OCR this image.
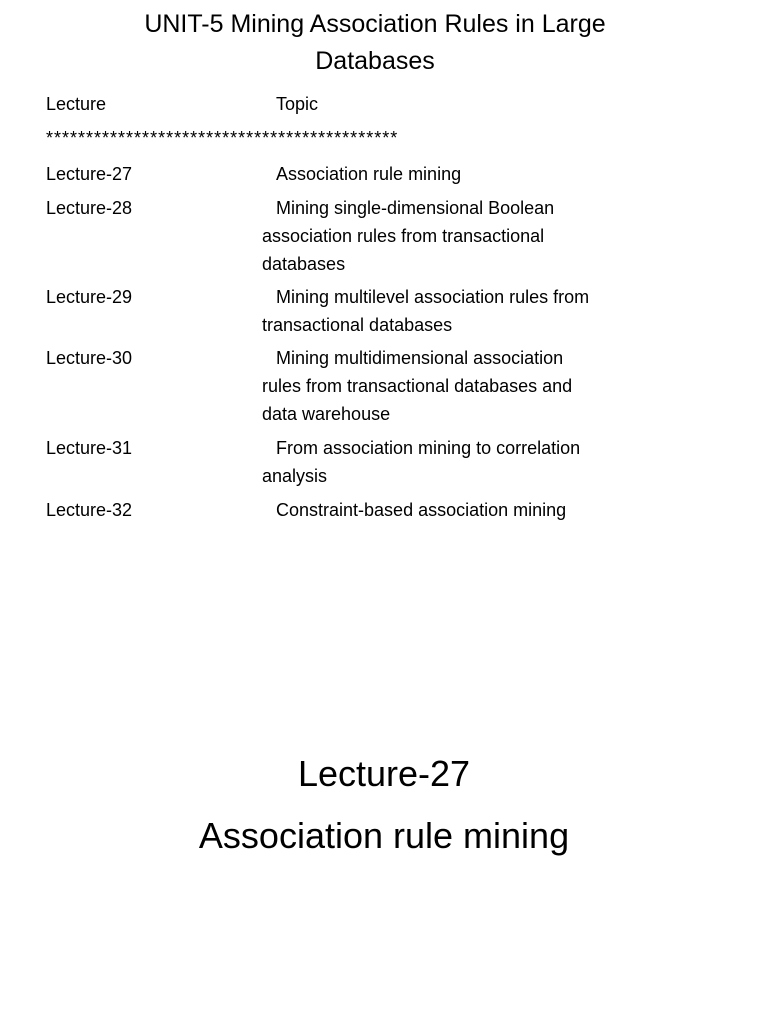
UNIT-5 Mining Association Rules in Large Databases
Lecture	Topic
********************************************
Lecture-27	Association rule mining
Lecture-28	Mining single-dimensional Boolean association rules from transactional databases
Lecture-29	Mining multilevel association rules from transactional databases
Lecture-30	Mining multidimensional association rules from transactional databases and data warehouse
Lecture-31	From association mining to correlation analysis
Lecture-32	Constraint-based association mining
Lecture-27
Association rule mining
